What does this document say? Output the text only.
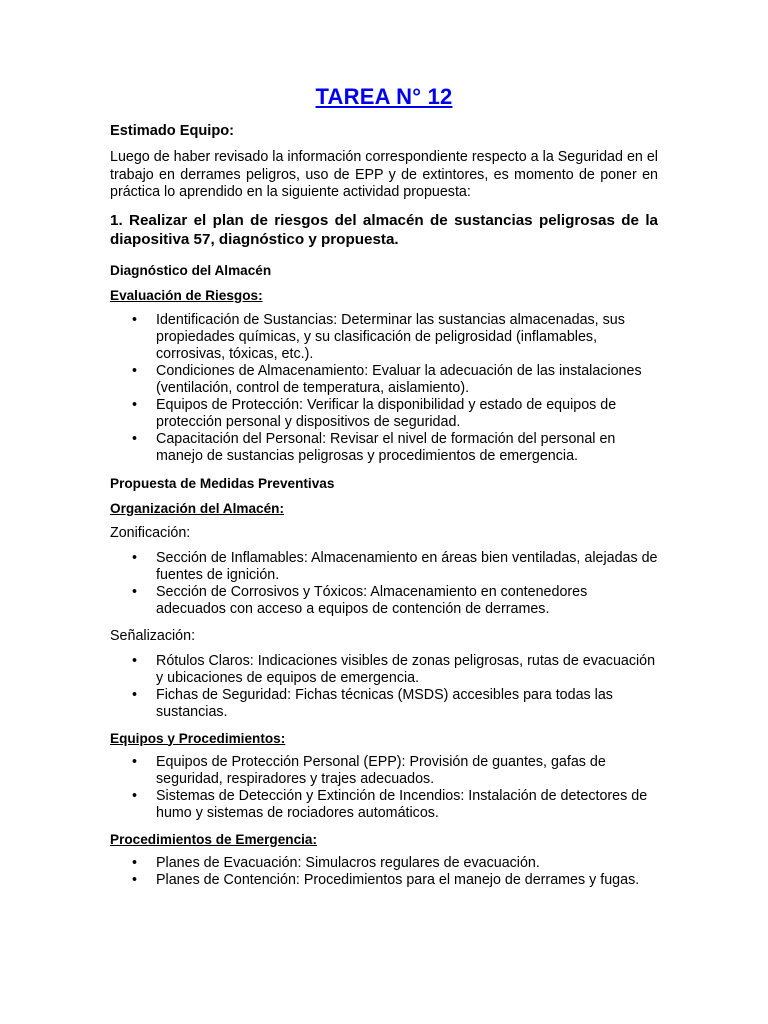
TAREA N° 12

Estimado Equipo:

Luego de haber revisado la información correspondiente respecto a la Seguridad en el trabajo en derrames peligros, uso de EPP y de extintores, es momento de poner en práctica lo aprendido en la siguiente actividad propuesta:

1. Realizar el plan de riesgos del almacén de sustancias peligrosas de la diapositiva 57, diagnóstico y propuesta.

Diagnóstico del Almacén

Evaluación de Riesgos:

• Identificación de Sustancias: Determinar las sustancias almacenadas, sus propiedades químicas, y su clasificación de peligrosidad (inflamables, corrosivas, tóxicas, etc.).
• Condiciones de Almacenamiento: Evaluar la adecuación de las instalaciones (ventilación, control de temperatura, aislamiento).
• Equipos de Protección: Verificar la disponibilidad y estado de equipos de protección personal y dispositivos de seguridad.
• Capacitación del Personal: Revisar el nivel de formación del personal en manejo de sustancias peligrosas y procedimientos de emergencia.

Propuesta de Medidas Preventivas

Organización del Almacén:

Zonificación:

• Sección de Inflamables: Almacenamiento en áreas bien ventiladas, alejadas de fuentes de ignición.
• Sección de Corrosivos y Tóxicos: Almacenamiento en contenedores adecuados con acceso a equipos de contención de derrames.

Señalización:

• Rótulos Claros: Indicaciones visibles de zonas peligrosas, rutas de evacuación y ubicaciones de equipos de emergencia.
• Fichas de Seguridad: Fichas técnicas (MSDS) accesibles para todas las sustancias.

Equipos y Procedimientos:

• Equipos de Protección Personal (EPP): Provisión de guantes, gafas de seguridad, respiradores y trajes adecuados.
• Sistemas de Detección y Extinción de Incendios: Instalación de detectores de humo y sistemas de rociadores automáticos.

Procedimientos de Emergencia:

• Planes de Evacuación: Simulacros regulares de evacuación.
• Planes de Contención: Procedimientos para el manejo de derrames y fugas.
